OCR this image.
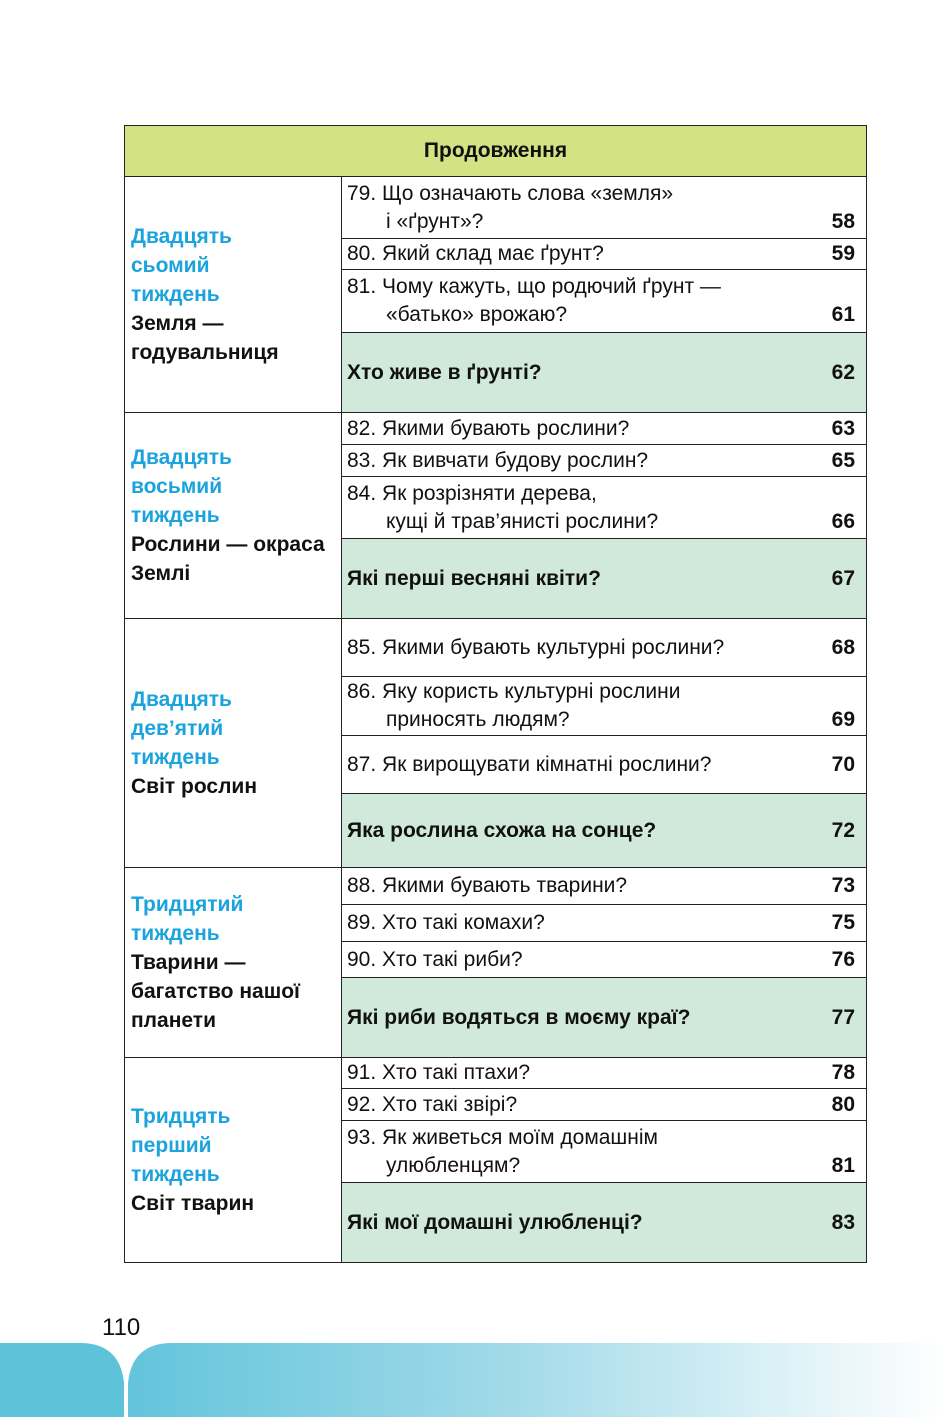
Продовження	

Двадцять
сьомий
тиждень
Земля — годувальниця	79. Що означають слова «земля»
і «ґрунт»? 58

	80. Який склад має ґрунт? 59

	81. Чому кажуть, що родючий ґрунт —
«батько» врожаю? 61

	Хто живе в ґрунті? 62

Двадцять
восьмий
тиждень
Рослини — окраса Землі	82. Якими бувають рослини? 63

	83. Як вивчати будову рослин? 65

	84. Як розрізняти дерева,
кущі й трав’янисті рослини? 66

	Які перші весняні квіти? 67

Двадцять
дев’ятий
тиждень
Світ рослин	85. Якими бувають культурні рослини? 68

	86. Яку користь культурні рослини
приносять людям? 69

	87. Як вирощувати кімнатні рослини? 70

	Яка рослина схожа на сонце? 72

Тридцятий
тиждень
Тварини — багатство нашої планети	88. Якими бувають тварини? 73

	89. Хто такі комахи? 75

	90. Хто такі риби? 76

	Які риби водяться в моєму краї? 77

Тридцять
перший
тиждень
Світ тварин	91. Хто такі птахи? 78

	92. Хто такі звірі? 80

	93. Як живеться моїм домашнім
улюбленцям? 81

	Які мої домашні улюбленці? 83
110
